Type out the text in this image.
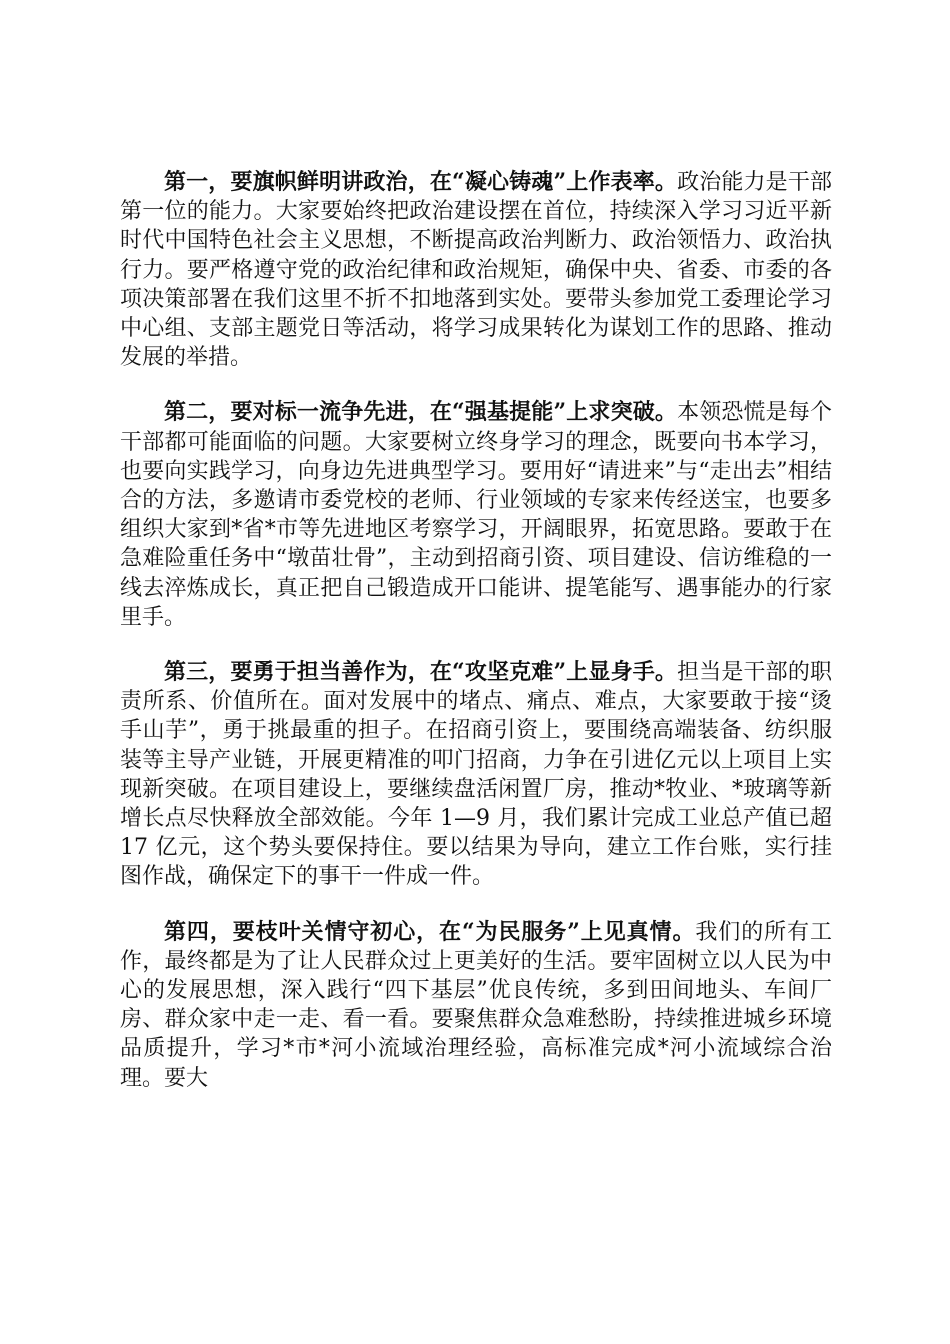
第一，要旗帜鲜明讲政治，在“凝心铸魂”上作表率。政治能力是干部第一位的能力。大家要始终把政治建设摆在首位，持续深入学习习近平新时代中国特色社会主义思想，不断提高政治判断力、政治领悟力、政治执行力。要严格遵守党的政治纪律和政治规矩，确保中央、省委、市委的各项决策部署在我们这里不折不扣地落到实处。要带头参加党工委理论学习中心组、支部主题党日等活动，将学习成果转化为谋划工作的思路、推动发展的举措。

第二，要对标一流争先进，在“强基提能”上求突破。本领恐慌是每个干部都可能面临的问题。大家要树立终身学习的理念，既要向书本学习，也要向实践学习，向身边先进典型学习。要用好“请进来”与“走出去”相结合的方法，多邀请市委党校的老师、行业领域的专家来传经送宝，也要多组织大家到*省*市等先进地区考察学习，开阔眼界，拓宽思路。要敢于在急难险重任务中“墩苗壮骨”，主动到招商引资、项目建设、信访维稳的一线去淬炼成长，真正把自己锻造成开口能讲、提笔能写、遇事能办的行家里手。

第三，要勇于担当善作为，在“攻坚克难”上显身手。担当是干部的职责所系、价值所在。面对发展中的堵点、痛点、难点，大家要敢于接“烫手山芋”，勇于挑最重的担子。在招商引资上，要围绕高端装备、纺织服装等主导产业链，开展更精准的叩门招商，力争在引进亿元以上项目上实现新突破。在项目建设上，要继续盘活闲置厂房，推动*牧业、*玻璃等新增长点尽快释放全部效能。今年 1—9 月，我们累计完成工业总产值已超 17 亿元，这个势头要保持住。要以结果为导向，建立工作台账，实行挂图作战，确保定下的事干一件成一件。

第四，要枝叶关情守初心，在“为民服务”上见真情。我们的所有工作，最终都是为了让人民群众过上更美好的生活。要牢固树立以人民为中心的发展思想，深入践行“四下基层”优良传统，多到田间地头、车间厂房、群众家中走一走、看一看。要聚焦群众急难愁盼，持续推进城乡环境品质提升，学习*市*河小流域治理经验，高标准完成*河小流域综合治理。要大
